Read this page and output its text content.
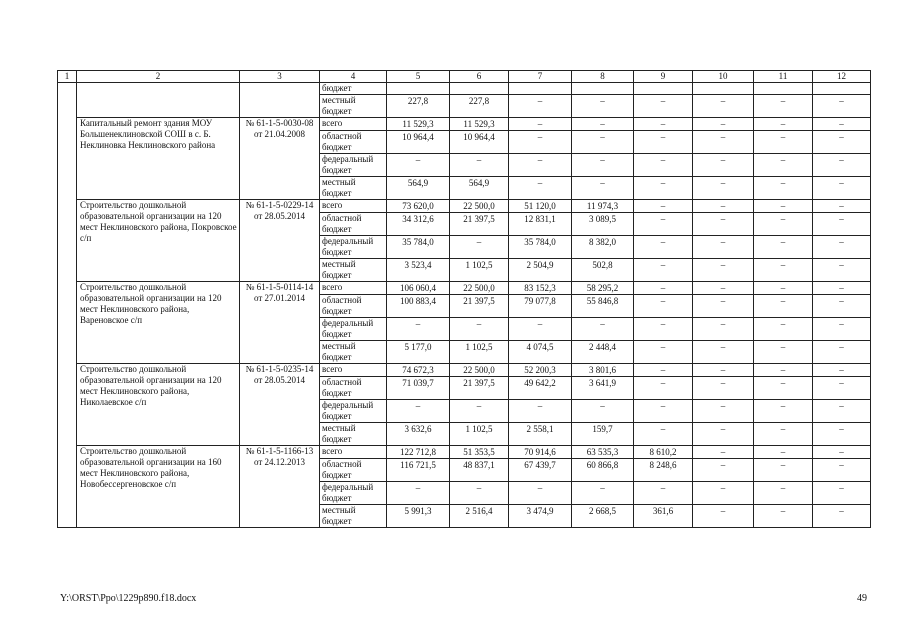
1	2	3	4	5	6	7	8	9	10	11	12
			бюджет								
			местный бюджет	227,8	227,8	–	–	–	–	–	–
	Капитальный ремонт здания МОУ Большенеклиновской СОШ в с. Б. Неклиновка Неклиновского района	№ 61-1-5-0030-08 от 21.04.2008	всего	11 529,3	11 529,3	–	–	–	–	–	–
			областной бюджет	10 964,4	10 964,4	–	–	–	–	–	–
			федеральный бюджет	–	–	–	–	–	–	–	–
			местный бюджет	564,9	564,9	–	–	–	–	–	–
	Строительство дошкольной образовательной организации на 120 мест Неклиновского района, Покровское с/п	№ 61-1-5-0229-14 от 28.05.2014	всего	73 620,0	22 500,0	51 120,0	11 974,3	–	–	–	–
			областной бюджет	34 312,6	21 397,5	12 831,1	3 089,5	–	–	–	–
			федеральный бюджет	35 784,0	–	35 784,0	8 382,0	–	–	–	–
			местный бюджет	3 523,4	1 102,5	2 504,9	502,8	–	–	–	–
	Строительство дошкольной образовательной организации на 120 мест Неклиновского района, Вареновское с/п	№ 61-1-5-0114-14 от 27.01.2014	всего	106 060,4	22 500,0	83 152,3	58 295,2	–	–	–	–
			областной бюджет	100 883,4	21 397,5	79 077,8	55 846,8	–	–	–	–
			федеральный бюджет	–	–	–	–	–	–	–	–
			местный бюджет	5 177,0	1 102,5	4 074,5	2 448,4	–	–	–	–
	Строительство дошкольной образовательной организации на 120 мест Неклиновского района, Николаевское с/п	№ 61-1-5-0235-14 от 28.05.2014	всего	74 672,3	22 500,0	52 200,3	3 801,6	–	–	–	–
			областной бюджет	71 039,7	21 397,5	49 642,2	3 641,9	–	–	–	–
			федеральный бюджет	–	–	–	–	–	–	–	–
			местный бюджет	3 632,6	1 102,5	2 558,1	159,7	–	–	–	–
	Строительство дошкольной образовательной организации на 160 мест Неклиновского района, Новобессергеновское с/п	№ 61-1-5-1166-13 от 24.12.2013	всего	122 712,8	51 353,5	70 914,6	63 535,3	8 610,2	–	–	–
			областной бюджет	116 721,5	48 837,1	67 439,7	60 866,8	8 248,6	–	–	–
			федеральный бюджет	–	–	–	–	–	–	–	–
			местный бюджет	5 991,3	2 516,4	3 474,9	2 668,5	361,6	–	–	–
Y:\ORST\Ppo\1229p890.f18.docx	49
